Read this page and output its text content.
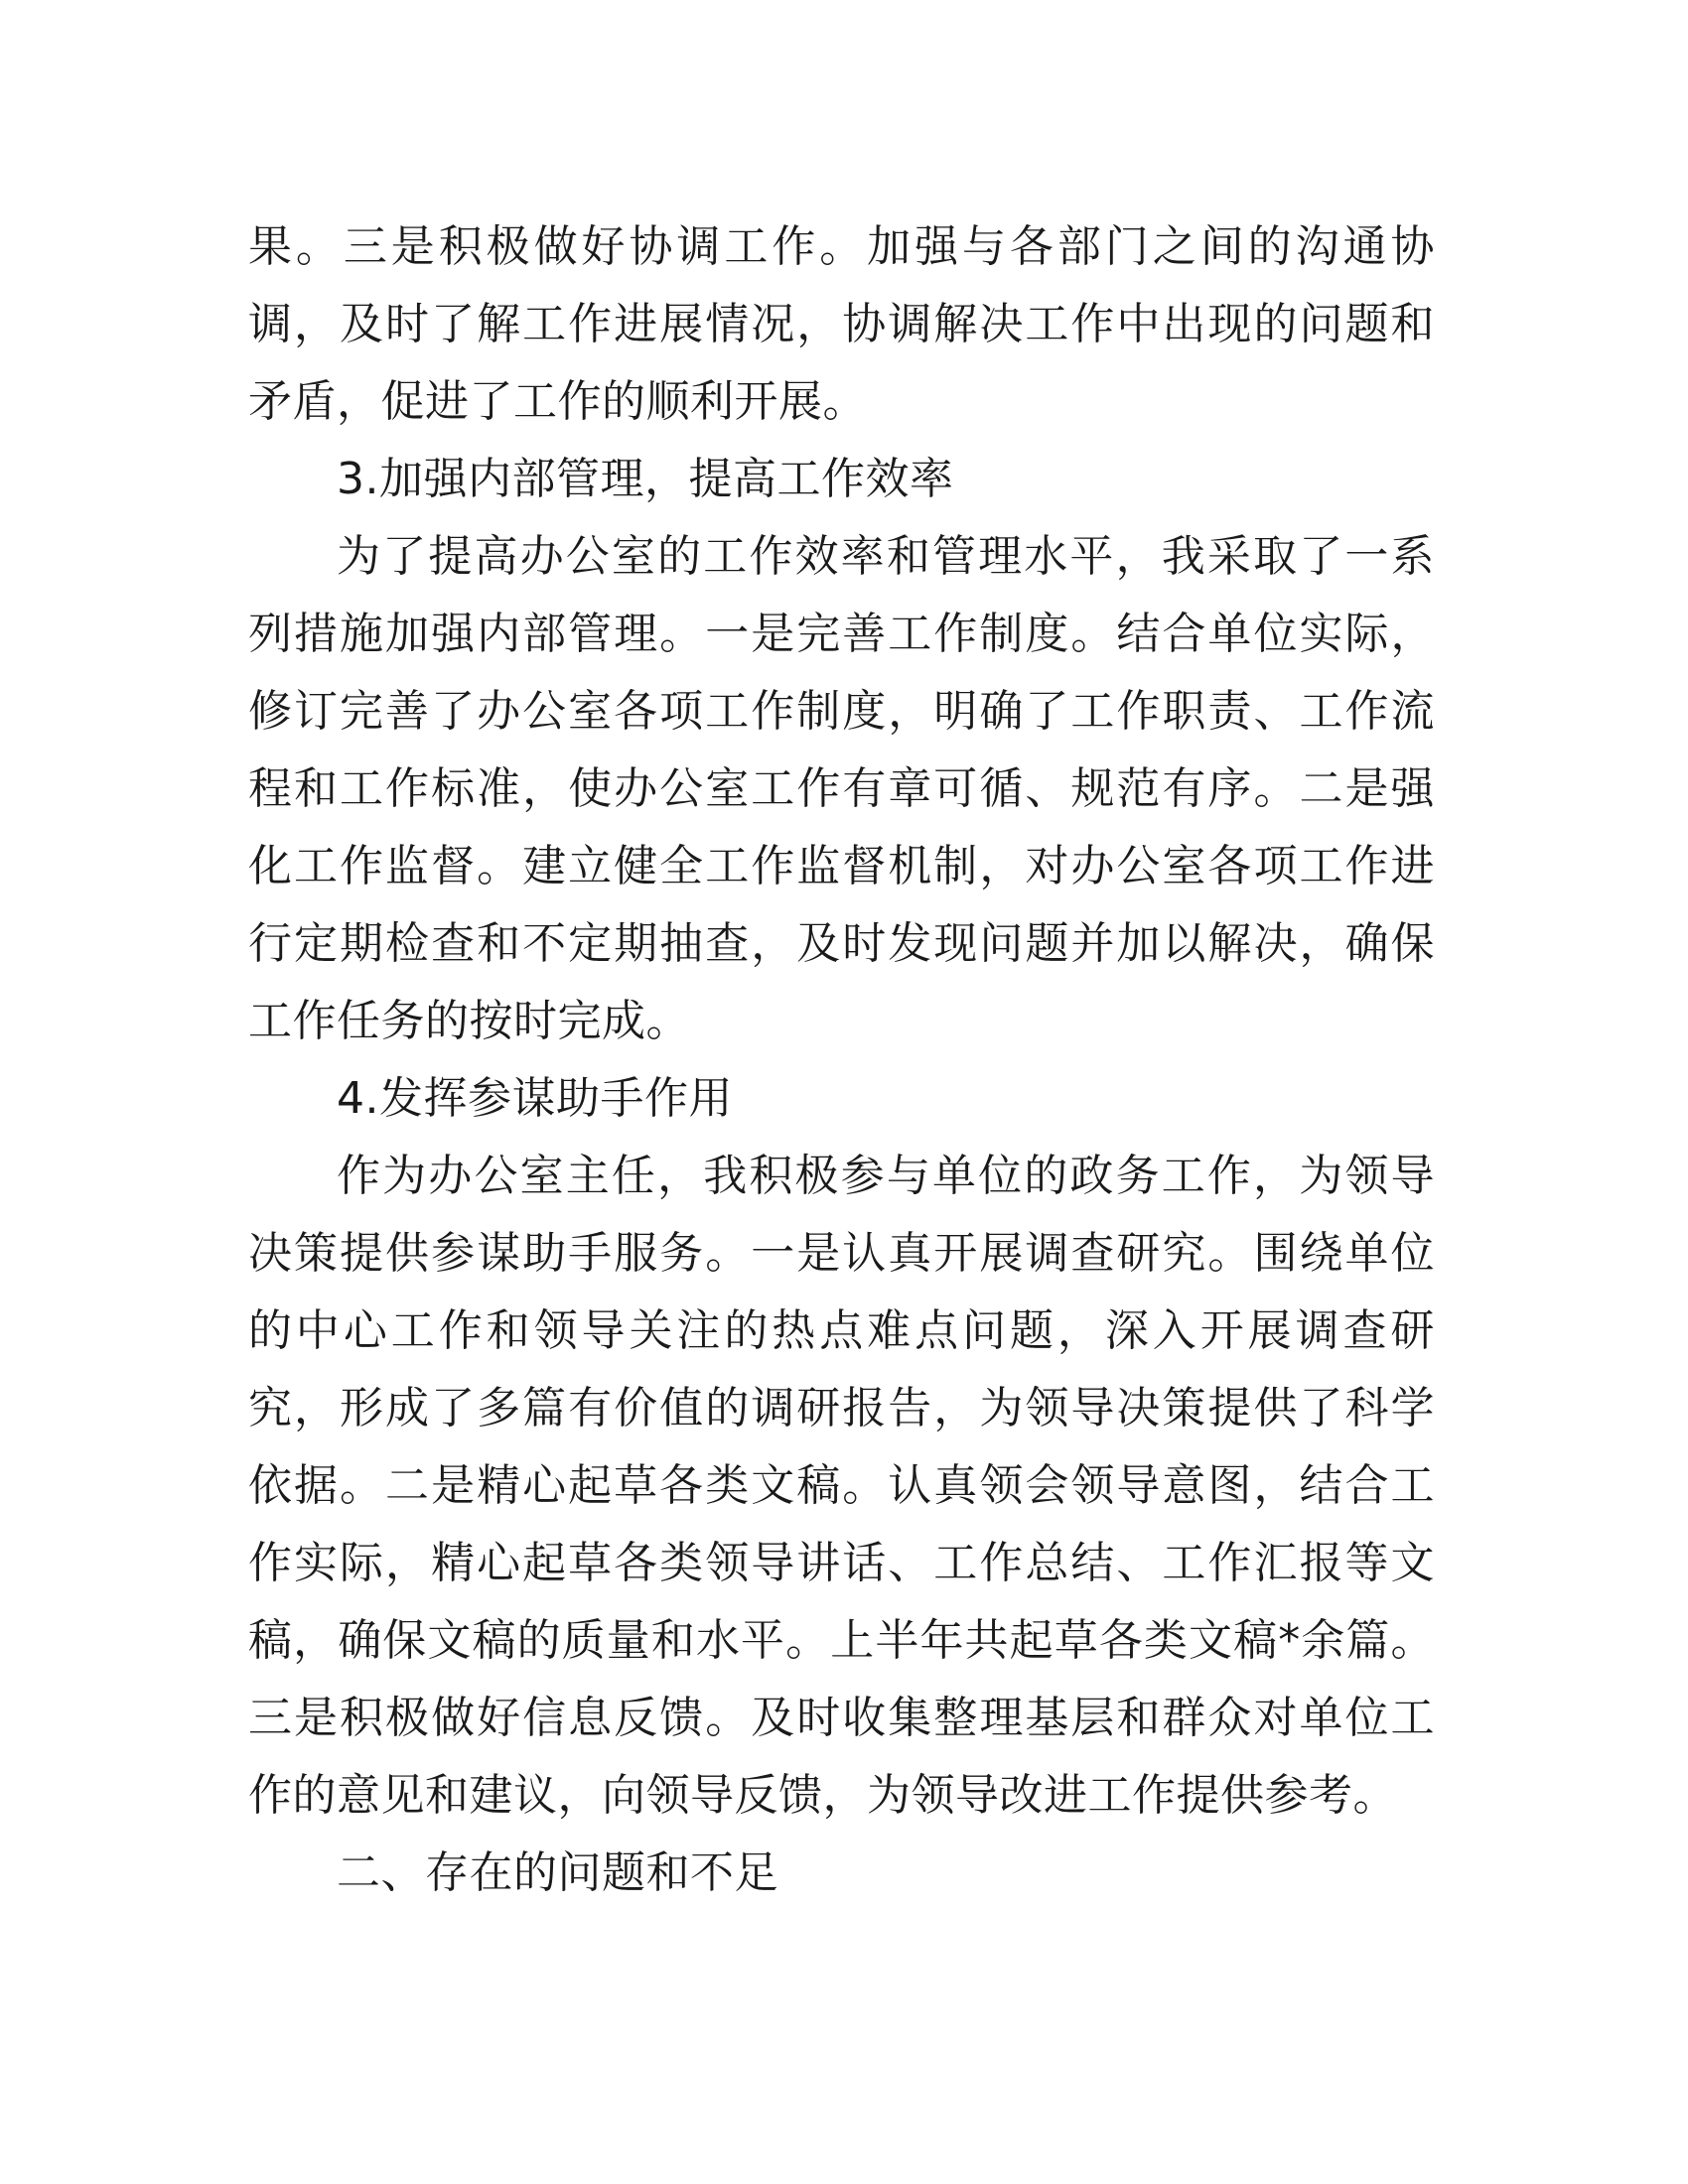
果。三是积极做好协调工作。加强与各部门之间的沟通协调，及时了解工作进展情况，协调解决工作中出现的问题和矛盾，促进了工作的顺利开展。

3.加强内部管理，提高工作效率

为了提高办公室的工作效率和管理水平，我采取了一系列措施加强内部管理。一是完善工作制度。结合单位实际，修订完善了办公室各项工作制度，明确了工作职责、工作流程和工作标准，使办公室工作有章可循、规范有序。二是强化工作监督。建立健全工作监督机制，对办公室各项工作进行定期检查和不定期抽查，及时发现问题并加以解决，确保工作任务的按时完成。

4.发挥参谋助手作用

作为办公室主任，我积极参与单位的政务工作，为领导决策提供参谋助手服务。一是认真开展调查研究。围绕单位的中心工作和领导关注的热点难点问题，深入开展调查研究，形成了多篇有价值的调研报告，为领导决策提供了科学依据。二是精心起草各类文稿。认真领会领导意图，结合工作实际，精心起草各类领导讲话、工作总结、工作汇报等文稿，确保文稿的质量和水平。上半年共起草各类文稿*余篇。三是积极做好信息反馈。及时收集整理基层和群众对单位工作的意见和建议，向领导反馈，为领导改进工作提供参考。

二、存在的问题和不足
